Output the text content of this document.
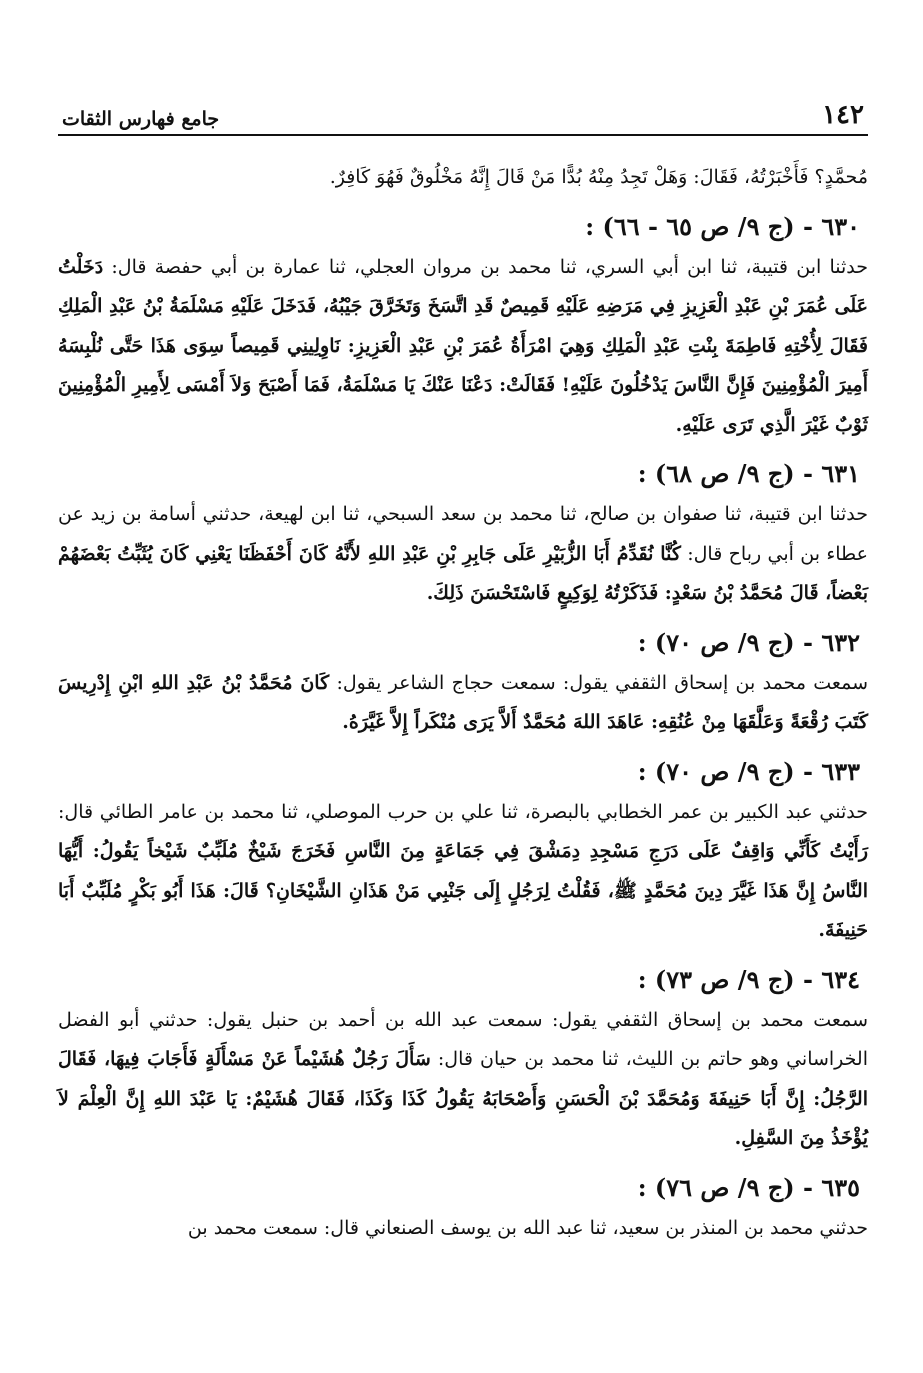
١٤٢
جامع فهارس الثقات

مُحمَّدٍ؟ فَأَخْبَرْتُهُ، فَقَالَ: وَهَلْ تَجِدُ مِنْهُ بُدًّا مَنْ قَالَ إِنَّهُ مَخْلُوقٌ فَهُوَ كَافِرٌ.

٦٣٠ - (ج ٩/ ص ٦٥ - ٦٦) :

حدثنا ابن قتيبة، ثنا ابن أبي السري، ثنا محمد بن مروان العجلي، ثنا عمارة بن أبي حفصة قال: دَخَلْتُ عَلَى عُمَرَ بْنِ عَبْدِ الْعَزِيزِ فِي مَرَضِهِ عَلَيْهِ قَمِيصٌ قَدِ اتَّسَخَ وَتَخَرَّقَ جَيْبُهُ، فَدَخَلَ عَلَيْهِ مَسْلَمَةُ بْنُ عَبْدِ الْمَلِكِ فَقَالَ لِأُخْتِهِ فَاطِمَةَ بِنْتِ عَبْدِ الْمَلِكِ وَهِيَ امْرَأَةُ عُمَرَ بْنِ عَبْدِ الْعَزِيزِ: نَاوِلِينِي قَمِيصاً سِوَى هَذَا حَتَّى نُلْبِسَهُ أَمِيرَ الْمُؤْمِنِينَ فَإِنَّ النَّاسَ يَدْخُلُونَ عَلَيْهِ! فَقَالَتْ: دَعْنَا عَنْكَ يَا مَسْلَمَةُ، فَمَا أَصْبَحَ وَلاَ أَمْسَى لِأَمِيرِ الْمُؤْمِنِينَ ثَوْبٌ غَيْرَ الَّذِي تَرَى عَلَيْهِ.

٦٣١ - (ج ٩/ ص ٦٨) :

حدثنا ابن قتيبة، ثنا صفوان بن صالح، ثنا محمد بن سعد السبحي، ثنا ابن لهيعة، حدثني أسامة بن زيد عن عطاء بن أبي رباح قال: كُنَّا نُقَدِّمُ أَبَا الزُّبَيْرِ عَلَى جَابِرِ بْنِ عَبْدِ اللهِ لأَنَّهُ كَانَ أَحْفَظَنَا يَعْنِي كَانَ يُثَبِّتُ بَعْضَهُمْ بَعْضاً، قَالَ مُحَمَّدُ بْنُ سَعْدٍ: فَذَكَرْتُهُ لِوَكِيعٍ فَاسْتَحْسَنَ ذَلِكَ.

٦٣٢ - (ج ٩/ ص ٧٠) :

سمعت محمد بن إسحاق الثقفي يقول: سمعت حجاج الشاعر يقول: كَانَ مُحَمَّدُ بْنُ عَبْدِ اللهِ ابْنِ إِدْرِيسَ كَتَبَ رُقْعَةً وَعَلَّقَهَا مِنْ عُنُقِهِ: عَاهَدَ اللهَ مُحَمَّدٌ أَلاَّ يَرَى مُنْكَراً إِلاَّ غَيَّرَهُ.

٦٣٣ - (ج ٩/ ص ٧٠) :

حدثني عبد الكبير بن عمر الخطابي بالبصرة، ثنا علي بن حرب الموصلي، ثنا محمد بن عامر الطائي قال: رَأَيْتُ كَأَنِّي وَاقِفٌ عَلَى دَرَجِ مَسْجِدِ دِمَشْقَ فِي جَمَاعَةٍ مِنَ النَّاسِ فَخَرَجَ شَيْخٌ مُلَبِّبٌ شَيْخاً يَقُولُ: أَيُّهَا النَّاسُ إِنَّ هَذَا غَيَّرَ دِينَ مُحَمَّدٍ ﷺ، فَقُلْتُ لِرَجُلٍ إِلَى جَنْبِي مَنْ هَذَانِ الشَّيْخَانِ؟ قَالَ: هَذَا أَبُو بَكْرٍ مُلَبِّبٌ أَبَا حَنِيفَةَ.

٦٣٤ - (ج ٩/ ص ٧٣) :

سمعت محمد بن إسحاق الثقفي يقول: سمعت عبد الله بن أحمد بن حنبل يقول: حدثني أبو الفضل الخراساني وهو حاتم بن الليث، ثنا محمد بن حيان قال: سَأَلَ رَجُلٌ هُشَيْماً عَنْ مَسْأَلَةٍ فَأَجَابَ فِيهَا، فَقَالَ الرَّجُلُ: إِنَّ أَبَا حَنِيفَةَ وَمُحَمَّدَ بْنَ الْحَسَنِ وَأَصْحَابَهُ يَقُولُ كَذَا وَكَذَا، فَقَالَ هُشَيْمٌ: يَا عَبْدَ اللهِ إِنَّ الْعِلْمَ لاَ يُؤْخَذُ مِنَ السَّفِلِ.

٦٣٥ - (ج ٩/ ص ٧٦) :

حدثني محمد بن المنذر بن سعيد، ثنا عبد الله بن يوسف الصنعاني قال: سمعت محمد بن
